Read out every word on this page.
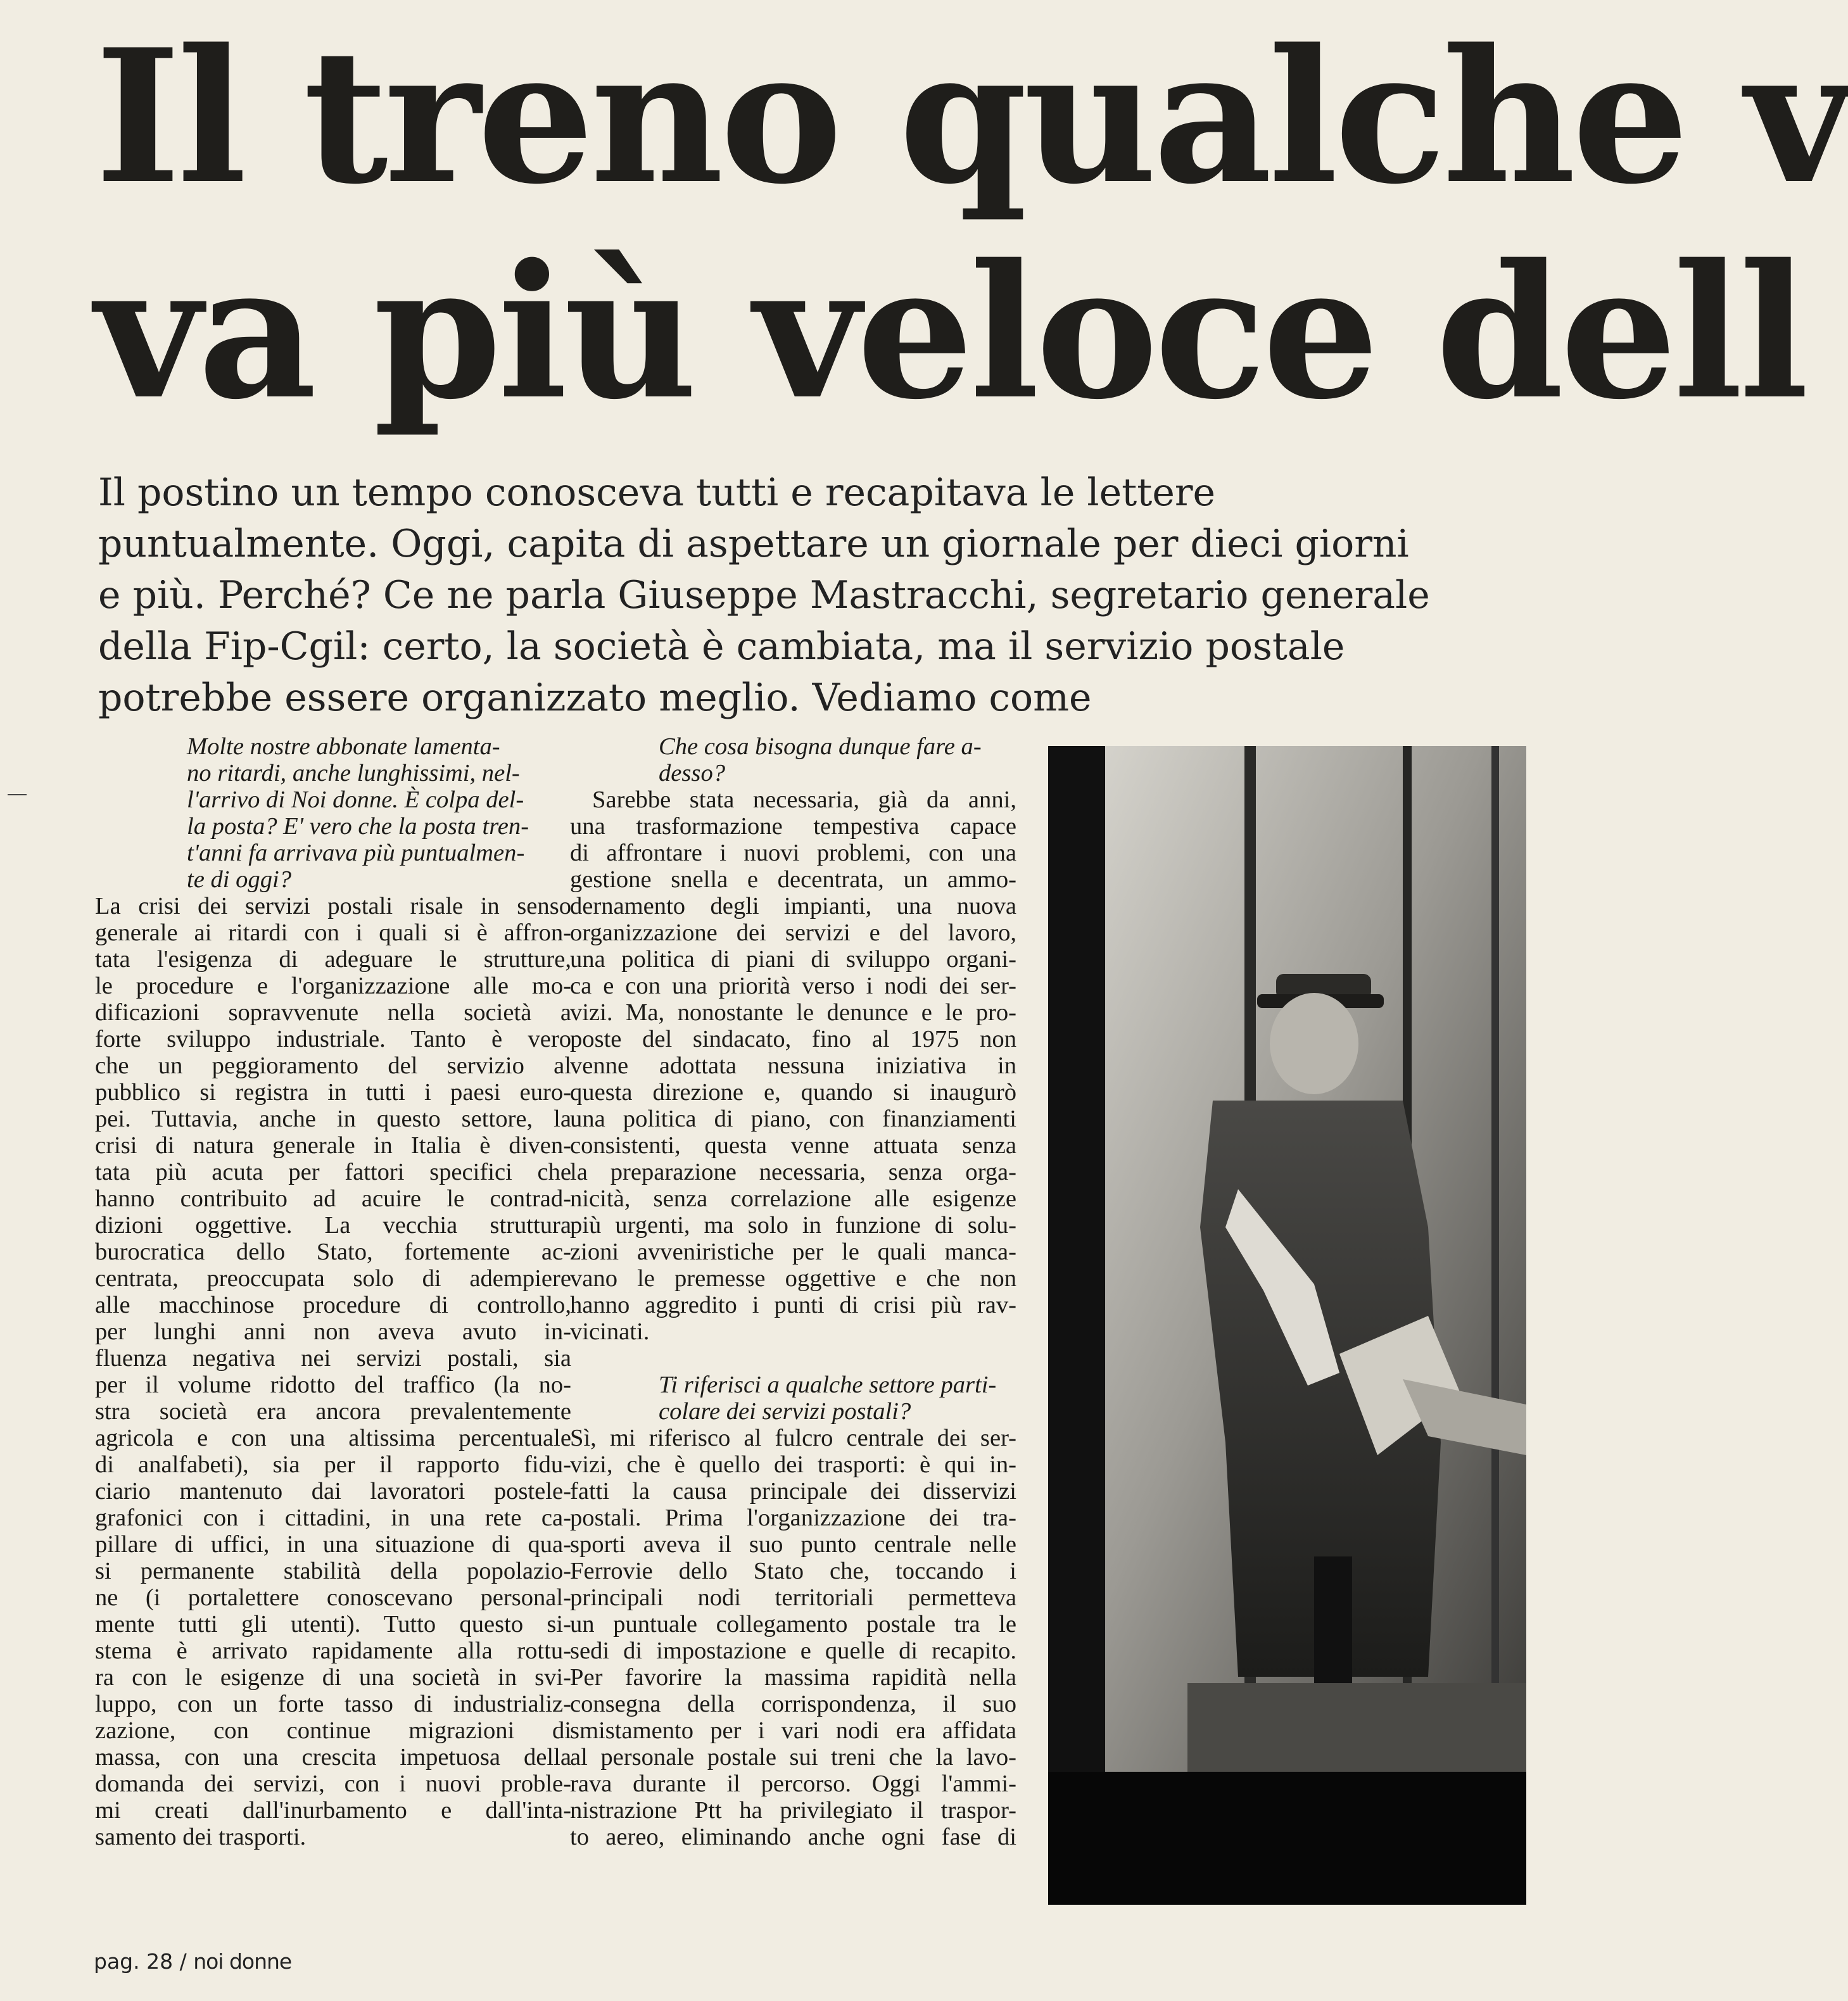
Il treno qualche v
va più veloce dell
Il postino un tempo conosceva tutti e recapitava le lettere
puntualmente. Oggi, capita di aspettare un giornale per dieci giorni
e più. Perché? Ce ne parla Giuseppe Mastracchi, segretario generale
della Fip-Cgil: certo, la società è cambiata, ma il servizio postale
potrebbe essere organizzato meglio. Vediamo come
Molte nostre abbonate lamenta-
no ritardi, anche lunghissimi, nel-
l'arrivo di Noi donne. È colpa del-
la posta? E' vero che la posta tren-
t'anni fa arrivava più puntualmen-
te di oggi?
La crisi dei servizi postali risale in senso
generale ai ritardi con i quali si è affron-
tata l'esigenza di adeguare le strutture,
le procedure e l'organizzazione alle mo-
dificazioni sopravvenute nella società a
forte sviluppo industriale. Tanto è vero
che un peggioramento del servizio al
pubblico si registra in tutti i paesi euro-
pei. Tuttavia, anche in questo settore, la
crisi di natura generale in Italia è diven-
tata più acuta per fattori specifici che
hanno contribuito ad acuire le contrad-
dizioni oggettive. La vecchia struttura
burocratica dello Stato, fortemente ac-
centrata, preoccupata solo di adempiere
alle macchinose procedure di controllo,
per lunghi anni non aveva avuto in-
fluenza negativa nei servizi postali, sia
per il volume ridotto del traffico (la no-
stra società era ancora prevalentemente
agricola e con una altissima percentuale
di analfabeti), sia per il rapporto fidu-
ciario mantenuto dai lavoratori postele-
grafonici con i cittadini, in una rete ca-
pillare di uffici, in una situazione di qua-
si permanente stabilità della popolazio-
ne (i portalettere conoscevano personal-
mente tutti gli utenti). Tutto questo si-
stema è arrivato rapidamente alla rottu-
ra con le esigenze di una società in svi-
luppo, con un forte tasso di industrializ-
zazione, con continue migrazioni di
massa, con una crescita impetuosa della
domanda dei servizi, con i nuovi proble-
mi creati dall'inurbamento e dall'inta-
samento dei trasporti.
Che cosa bisogna dunque fare a-
desso?
Sarebbe stata necessaria, già da anni,
una trasformazione tempestiva capace
di affrontare i nuovi problemi, con una
gestione snella e decentrata, un ammo-
dernamento degli impianti, una nuova
organizzazione dei servizi e del lavoro,
una politica di piani di sviluppo organi-
ca e con una priorità verso i nodi dei ser-
vizi. Ma, nonostante le denunce e le pro-
poste del sindacato, fino al 1975 non
venne adottata nessuna iniziativa in
questa direzione e, quando si inaugurò
una politica di piano, con finanziamenti
consistenti, questa venne attuata senza
la preparazione necessaria, senza orga-
nicità, senza correlazione alle esigenze
più urgenti, ma solo in funzione di solu-
zioni avveniristiche per le quali manca-
vano le premesse oggettive e che non
hanno aggredito i punti di crisi più rav-
vicinati.
Ti riferisci a qualche settore parti-
colare dei servizi postali?
Sì, mi riferisco al fulcro centrale dei ser-
vizi, che è quello dei trasporti: è qui in-
fatti la causa principale dei disservizi
postali. Prima l'organizzazione dei tra-
sporti aveva il suo punto centrale nelle
Ferrovie dello Stato che, toccando i
principali nodi territoriali permetteva
un puntuale collegamento postale tra le
sedi di impostazione e quelle di recapito.
Per favorire la massima rapidità nella
consegna della corrispondenza, il suo
smistamento per i vari nodi era affidata
al personale postale sui treni che la lavo-
rava durante il percorso. Oggi l'ammi-
nistrazione Ptt ha privilegiato il traspor-
to aereo, eliminando anche ogni fase di
pag. 28 / noi donne
